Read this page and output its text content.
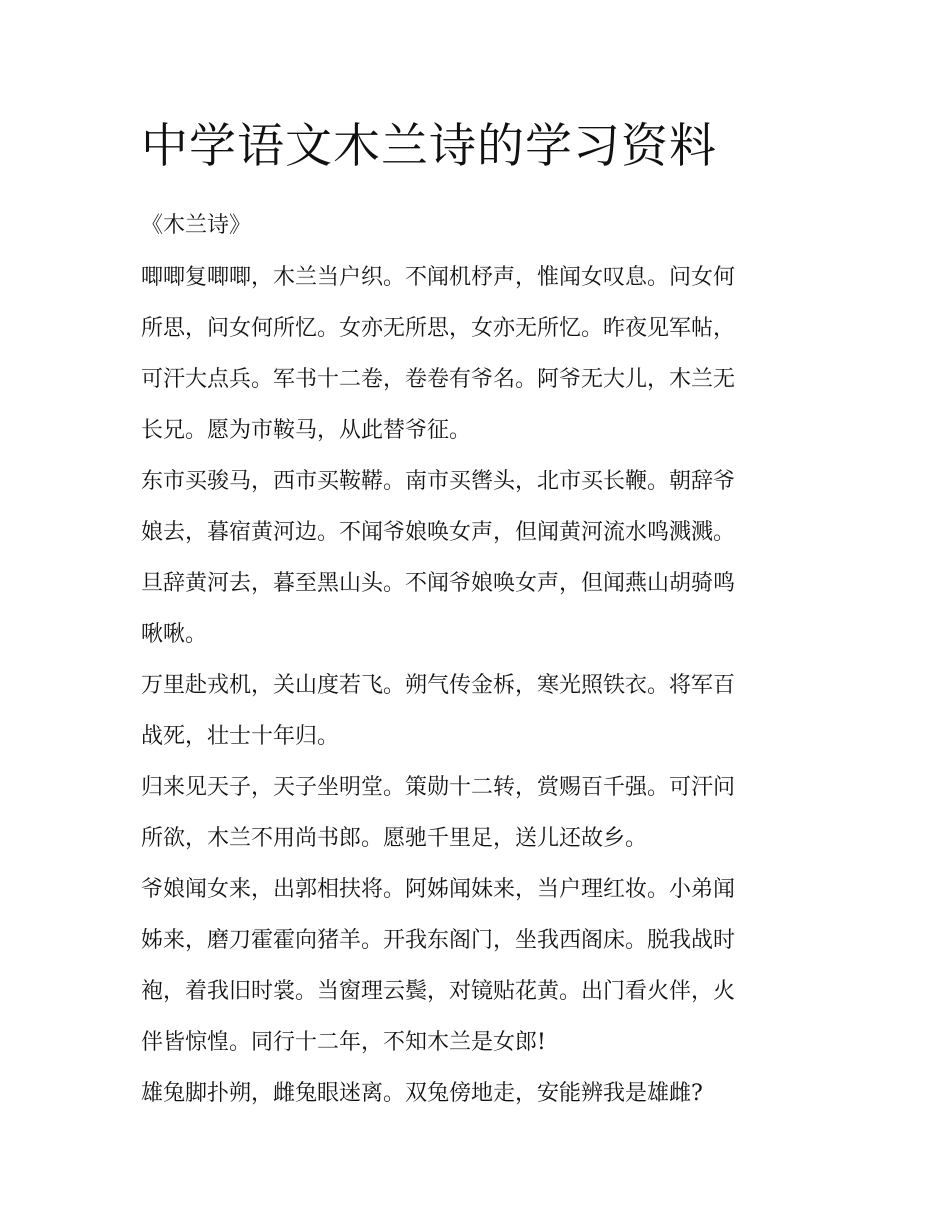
中学语文木兰诗的学习资料

《木兰诗》

唧唧复唧唧，木兰当户织。不闻机杼声，惟闻女叹息。问女何
所思，问女何所忆。女亦无所思，女亦无所忆。昨夜见军帖，
可汗大点兵。军书十二卷，卷卷有爷名。阿爷无大儿，木兰无
长兄。愿为市鞍马，从此替爷征。

东市买骏马，西市买鞍鞯。南市买辔头，北市买长鞭。朝辞爷
娘去，暮宿黄河边。不闻爷娘唤女声，但闻黄河流水鸣溅溅。
旦辞黄河去，暮至黑山头。不闻爷娘唤女声，但闻燕山胡骑鸣
啾啾。

万里赴戎机，关山度若飞。朔气传金柝，寒光照铁衣。将军百
战死，壮士十年归。

归来见天子，天子坐明堂。策勋十二转，赏赐百千强。可汗问
所欲，木兰不用尚书郎。愿驰千里足，送儿还故乡。

爷娘闻女来，出郭相扶将。阿姊闻妹来，当户理红妆。小弟闻
姊来，磨刀霍霍向猪羊。开我东阁门，坐我西阁床。脱我战时
袍，着我旧时裳。当窗理云鬓，对镜贴花黄。出门看火伴，火
伴皆惊惶。同行十二年，不知木兰是女郎!

雄兔脚扑朔，雌兔眼迷离。双兔傍地走，安能辨我是雄雌?
